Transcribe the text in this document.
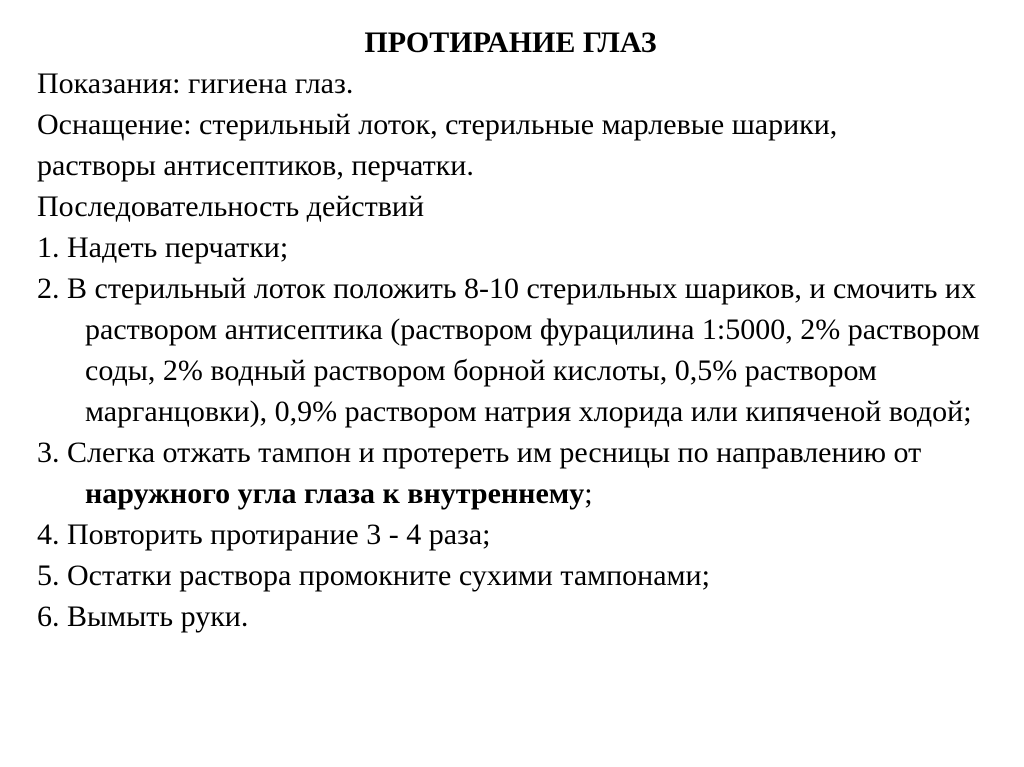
ПРОТИРАНИЕ ГЛАЗ

Показания: гигиена глаз.

Оснащение: стерильный лоток, стерильные марлевые шарики,

растворы антисептиков, перчатки.

Последовательность действий

1. Надеть перчатки;

2. В стерильный лоток положить 8-10 стерильных шариков, и смочить их раствором антисептика (раствором фурацилина 1:5000, 2% раствором соды, 2% водный раствором борной кислоты, 0,5% раствором марганцовки), 0,9% раствором натрия хлорида или кипяченой водой;

3. Слегка отжать тампон и протереть им ресницы по направлению от наружного угла глаза к внутреннему;

4. Повторить протирание 3 - 4 раза;

5. Остатки раствора промокните сухими тампонами;

6. Вымыть руки.
